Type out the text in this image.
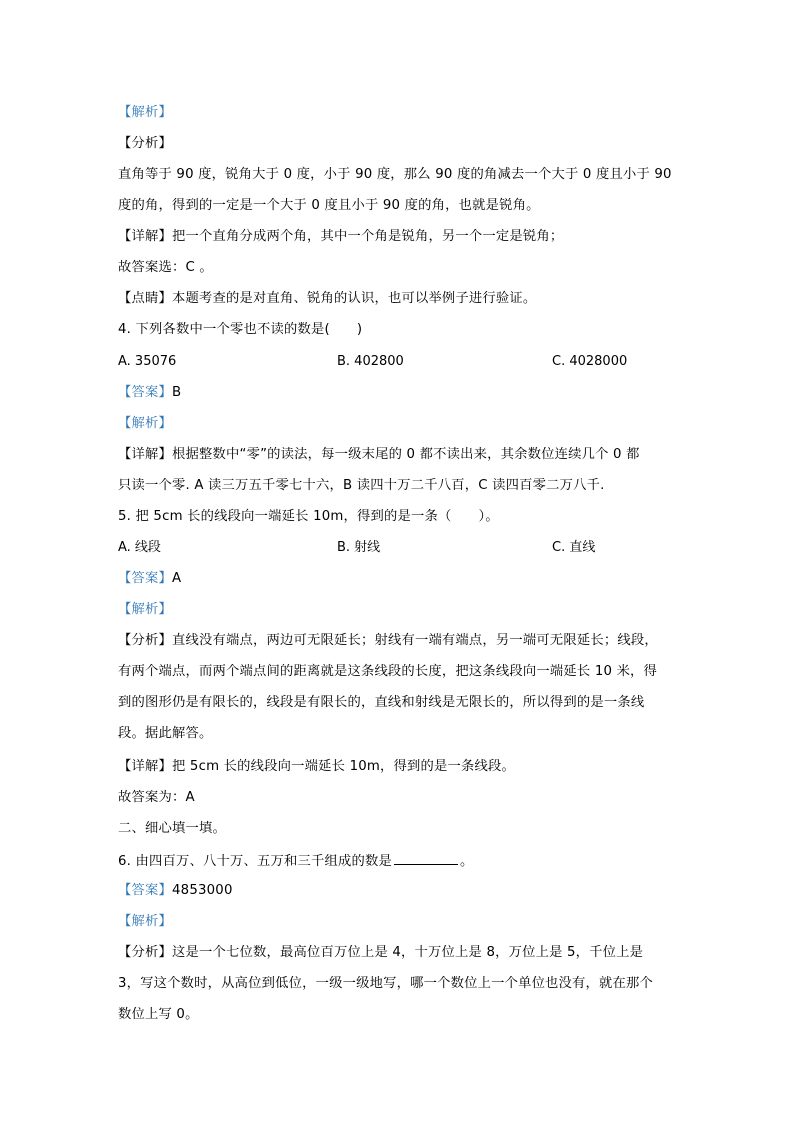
【解析】
【分析】
直角等于 90 度，锐角大于 0 度，小于 90 度，那么 90 度的角减去一个大于 0 度且小于 90
度的角，得到的一定是一个大于 0 度且小于 90 度的角，也就是锐角。
【详解】把一个直角分成两个角，其中一个角是锐角，另一个一定是锐角；
故答案选：C 。
【点睛】本题考查的是对直角、锐角的认识，也可以举例子进行验证。
4. 下列各数中一个零也不读的数是(　　)
A. 35076	B. 402800	C. 4028000
【答案】B
【解析】
【详解】根据整数中“零”的读法，每一级末尾的 0 都不读出来，其余数位连续几个 0 都
只读一个零. A 读三万五千零七十六，B 读四十万二千八百，C 读四百零二万八千.
5. 把 5cm 长的线段向一端延长 10m，得到的是一条（　　）。
A. 线段	B. 射线	C. 直线
【答案】A
【解析】
【分析】直线没有端点，两边可无限延长；射线有一端有端点，另一端可无限延长；线段，
有两个端点，而两个端点间的距离就是这条线段的长度，把这条线段向一端延长 10 米，得
到的图形仍是有限长的，线段是有限长的，直线和射线是无限长的，所以得到的是一条线
段。据此解答。
【详解】把 5cm 长的线段向一端延长 10m，得到的是一条线段。
故答案为：A
二、细心填一填。
6. 由四百万、八十万、五万和三千组成的数是	。
【答案】4853000
【解析】
【分析】这是一个七位数，最高位百万位上是 4，十万位上是 8，万位上是 5，千位上是
3，写这个数时，从高位到低位，一级一级地写，哪一个数位上一个单位也没有，就在那个
数位上写 0。
